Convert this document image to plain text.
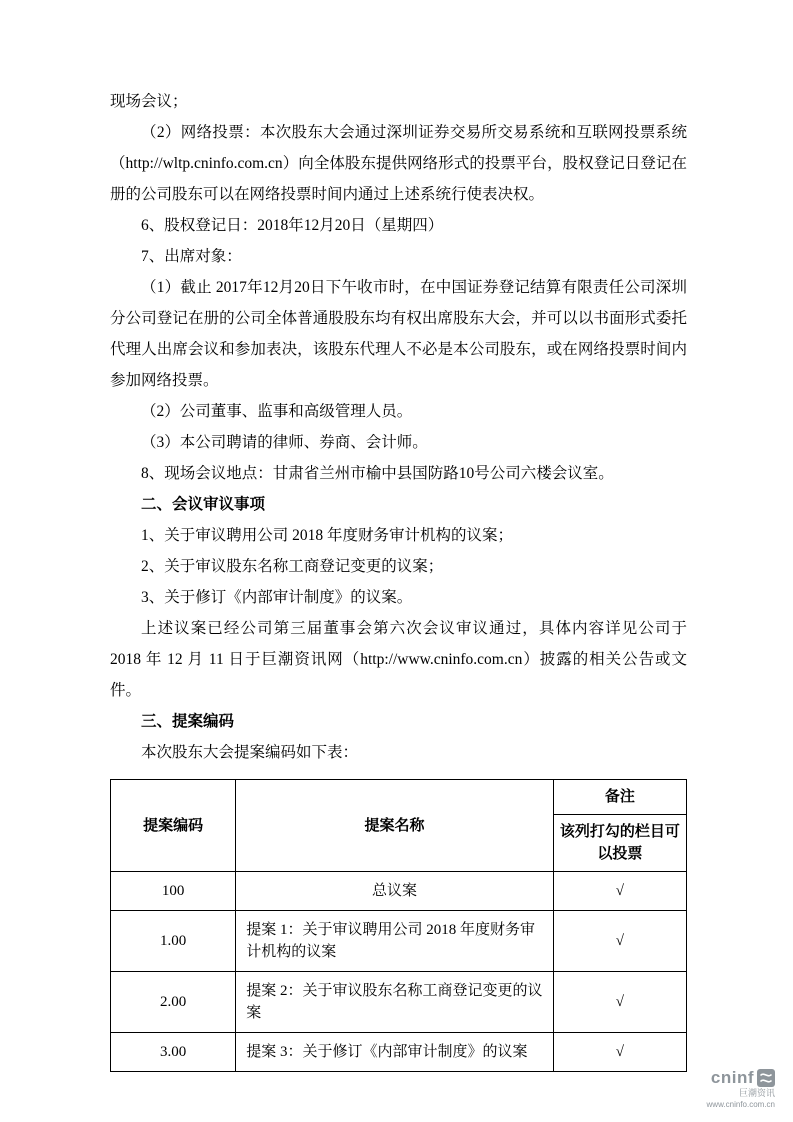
现场会议；

（2）网络投票：本次股东大会通过深圳证券交易所交易系统和互联网投票系统（http://wltp.cninfo.com.cn）向全体股东提供网络形式的投票平台，股权登记日登记在册的公司股东可以在网络投票时间内通过上述系统行使表决权。

6、股权登记日：2018年12月20日（星期四）

7、出席对象：

（1）截止 2017年12月20日下午收市时，在中国证券登记结算有限责任公司深圳分公司登记在册的公司全体普通股股东均有权出席股东大会，并可以以书面形式委托代理人出席会议和参加表决，该股东代理人不必是本公司股东，或在网络投票时间内参加网络投票。

（2）公司董事、监事和高级管理人员。

（3）本公司聘请的律师、券商、会计师。

8、现场会议地点：甘肃省兰州市榆中县国防路10号公司六楼会议室。

二、会议审议事项

1、关于审议聘用公司 2018 年度财务审计机构的议案；

2、关于审议股东名称工商登记变更的议案；

3、关于修订《内部审计制度》的议案。

上述议案已经公司第三届董事会第六次会议审议通过，具体内容详见公司于 2018 年 12 月 11 日于巨潮资讯网（http://www.cninfo.com.cn）披露的相关公告或文件。

三、提案编码

本次股东大会提案编码如下表：

提案编码	提案名称	备注
		该列打勾的栏目可以投票
100	总议案	√
1.00	提案 1：关于审议聘用公司 2018 年度财务审计机构的议案	√
2.00	提案 2：关于审议股东名称工商登记变更的议案	√
3.00	提案 3：关于修订《内部审计制度》的议案	√
cninf
巨潮资讯
www.cninfo.com.cn
